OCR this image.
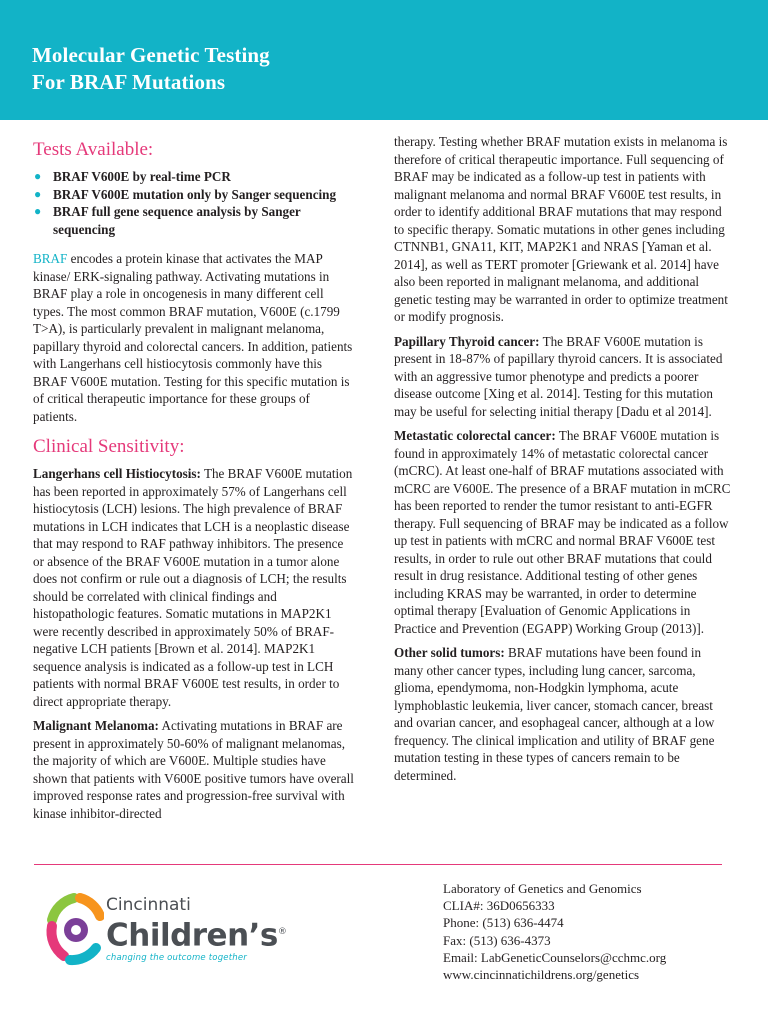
Molecular Genetic Testing
For BRAF Mutations
Tests Available:
● BRAF V600E by real-time PCR
● BRAF V600E mutation only by Sanger sequencing
● BRAF full gene sequence analysis by Sanger sequencing

BRAF encodes a protein kinase that activates the MAP kinase/ ERK-signaling pathway. Activating mutations in BRAF play a role in oncogenesis in many different cell types. The most common BRAF mutation, V600E (c.1799 T>A), is particularly prevalent in malignant melanoma, papillary thyroid and colorectal cancers. In addition, patients with Langerhans cell histiocytosis commonly have this BRAF V600E mutation. Testing for this specific mutation is of critical therapeutic importance for these groups of patients.

Clinical Sensitivity:

Langerhans cell Histiocytosis: The BRAF V600E mutation has been reported in approximately 57% of Langerhans cell histiocytosis (LCH) lesions. The high prevalence of BRAF mutations in LCH indicates that LCH is a neoplastic disease that may respond to RAF pathway inhibitors. The presence or absence of the BRAF V600E mutation in a tumor alone does not confirm or rule out a diagnosis of LCH; the results should be correlated with clinical findings and histopathologic features. Somatic mutations in MAP2K1 were recently described in approximately 50% of BRAF-negative LCH patients [Brown et al. 2014]. MAP2K1 sequence analysis is indicated as a follow-up test in LCH patients with normal BRAF V600E test results, in order to direct appropriate therapy.

Malignant Melanoma: Activating mutations in BRAF are present in approximately 50-60% of malignant melanomas, the majority of which are V600E. Multiple studies have shown that patients with V600E positive tumors have overall improved response rates and progression-free survival with kinase inhibitor-directed

therapy. Testing whether BRAF mutation exists in melanoma is therefore of critical therapeutic importance. Full sequencing of BRAF may be indicated as a follow-up test in patients with malignant melanoma and normal BRAF V600E test results, in order to identify additional BRAF mutations that may respond to specific therapy. Somatic mutations in other genes including CTNNB1, GNA11, KIT, MAP2K1 and NRAS [Yaman et al. 2014], as well as TERT promoter [Griewank et al. 2014] have also been reported in malignant melanoma, and additional genetic testing may be warranted in order to optimize treatment or modify prognosis.

Papillary Thyroid cancer: The BRAF V600E mutation is present in 18-87% of papillary thyroid cancers. It is associated with an aggressive tumor phenotype and predicts a poorer disease outcome [Xing et al. 2014]. Testing for this mutation may be useful for selecting initial therapy [Dadu et al 2014].

Metastatic colorectal cancer: The BRAF V600E mutation is found in approximately 14% of metastatic colorectal cancer (mCRC). At least one-half of BRAF mutations associated with mCRC are V600E. The presence of a BRAF mutation in mCRC has been reported to render the tumor resistant to anti-EGFR therapy. Full sequencing of BRAF may be indicated as a follow up test in patients with mCRC and normal BRAF V600E test results, in order to rule out other BRAF mutations that could result in drug resistance. Additional testing of other genes including KRAS may be warranted, in order to determine optimal therapy [Evaluation of Genomic Applications in Practice and Prevention (EGAPP) Working Group (2013)].

Other solid tumors: BRAF mutations have been found in many other cancer types, including lung cancer, sarcoma, glioma, ependymoma, non-Hodgkin lymphoma, acute lymphoblastic leukemia, liver cancer, stomach cancer, breast and ovarian cancer, and esophageal cancer, although at a low frequency. The clinical implication and utility of BRAF gene mutation testing in these types of cancers remain to be determined.

Cincinnati
Children’s®
changing the outcome together
Laboratory of Genetics and Genomics
CLIA#: 36D0656333
Phone: (513) 636-4474
Fax: (513) 636-4373
Email: LabGeneticCounselors@cchmc.org
www.cincinnatichildrens.org/genetics
